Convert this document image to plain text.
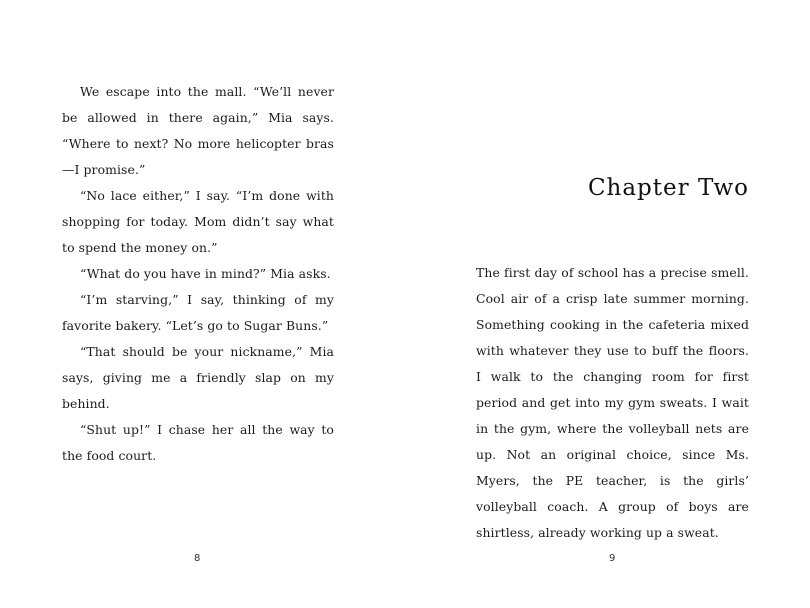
We escape into the mall. “We’ll never be allowed in there again,” Mia says. “Where to next? No more helicopter bras—I promise.”

“No lace either,” I say. “I’m done with shopping for today. Mom didn’t say what to spend the money on.”

“What do you have in mind?” Mia asks.

“I’m starving,” I say, thinking of my favorite bakery. “Let’s go to Sugar Buns.”

“That should be your nickname,” Mia says, giving me a friendly slap on my behind.

“Shut up!” I chase her all the way to the food court.

8
Chapter Two

The first day of school has a precise smell. Cool air of a crisp late summer morning. Something cooking in the cafeteria mixed with whatever they use to buff the floors. I walk to the changing room for first period and get into my gym sweats. I wait in the gym, where the volleyball nets are up. Not an original choice, since Ms. Myers, the PE teacher, is the girls’ volleyball coach. A group of boys are shirtless, already working up a sweat.

9
